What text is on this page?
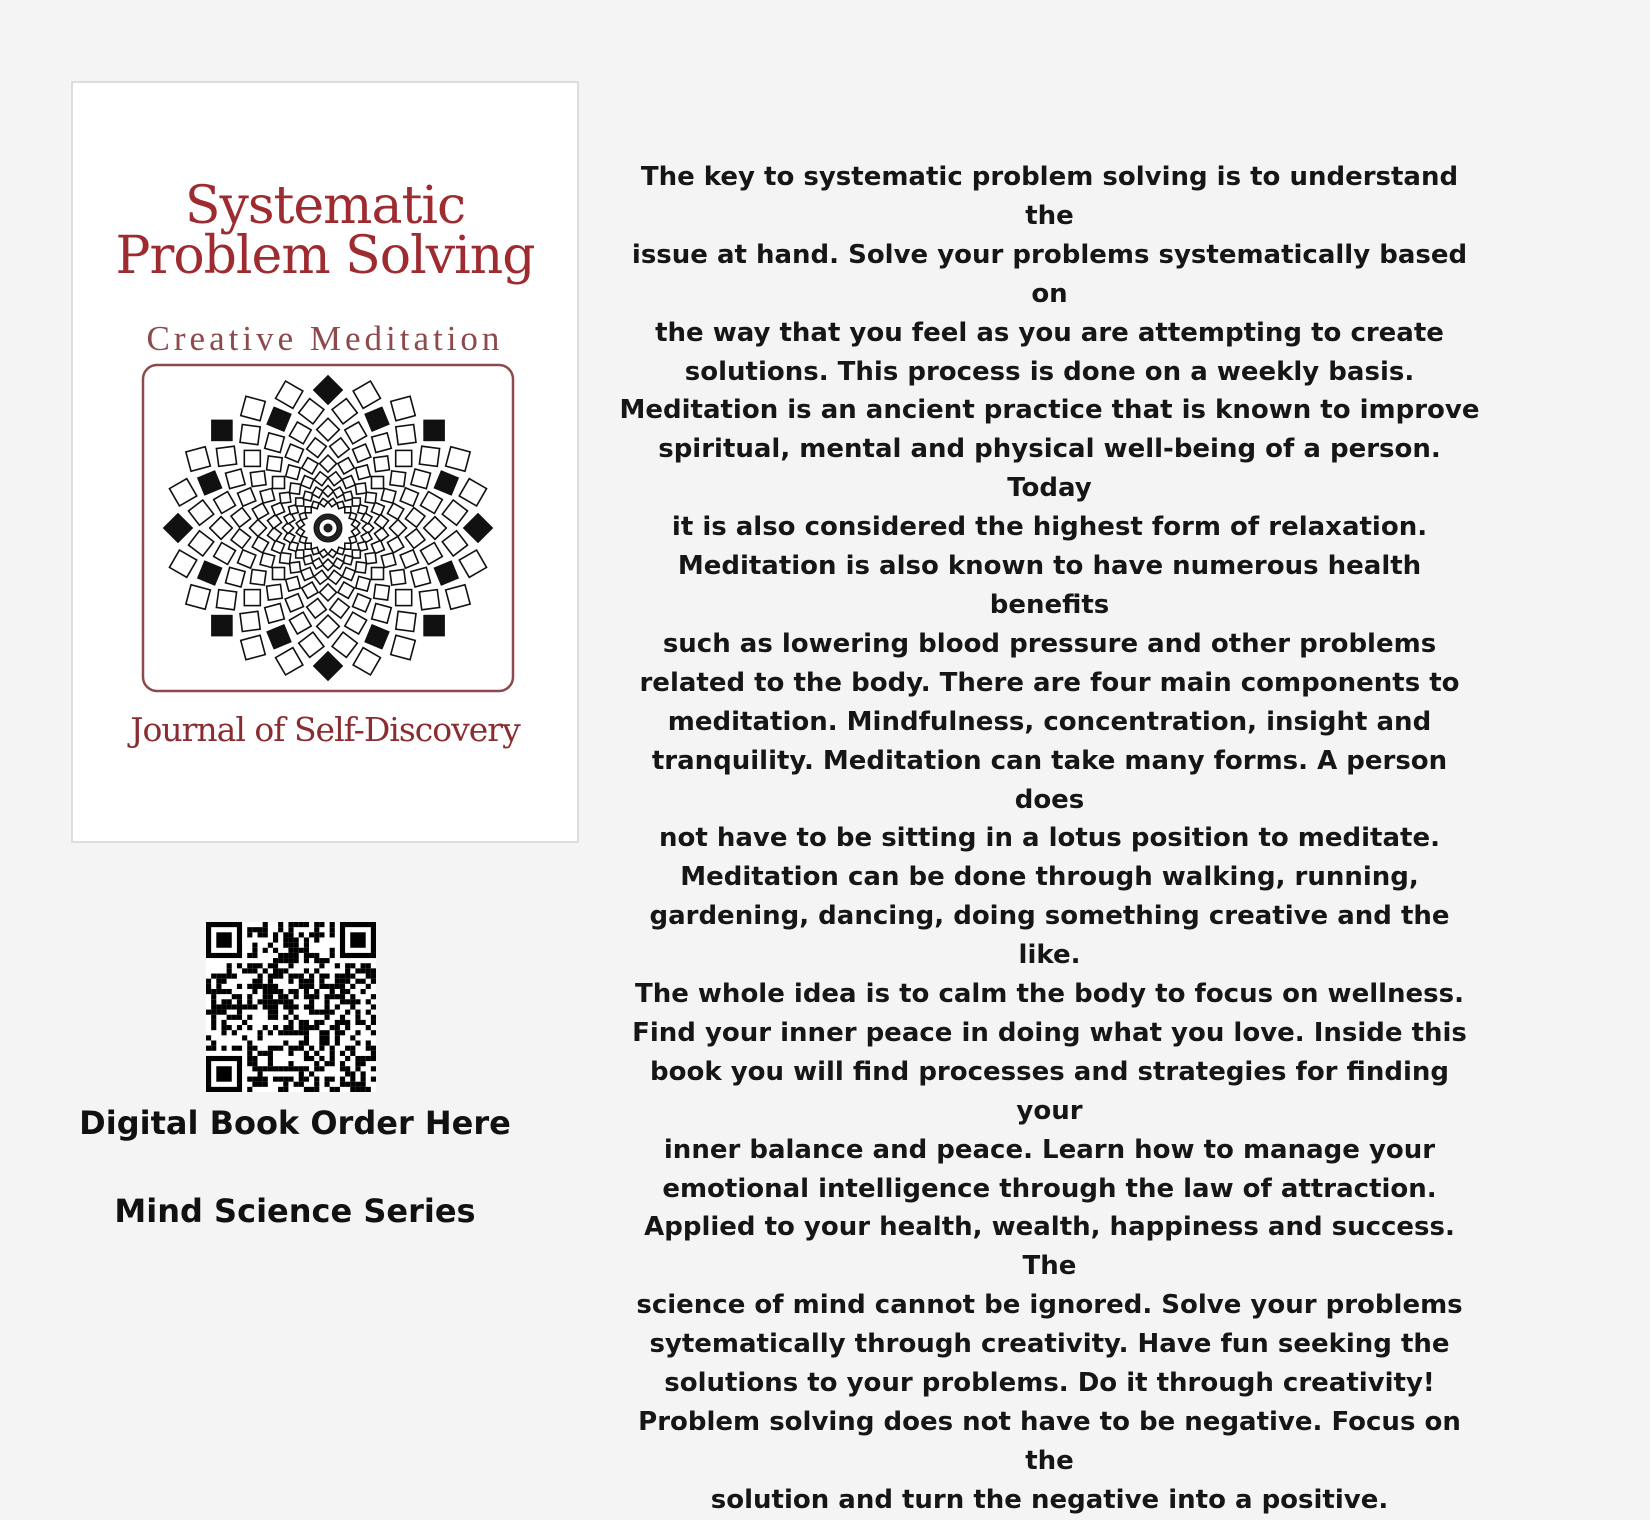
Systematic
Problem Solving
Creative Meditation
Journal of Self-Discovery
Digital Book Order Here
Mind Science Series
The key to systematic problem solving is to understand the
issue at hand. Solve your problems systematically based on
the way that you feel as you are attempting to create
solutions. This process is done on a weekly basis.
Meditation is an ancient practice that is known to improve
spiritual, mental and physical well-being of a person. Today
it is also considered the highest form of relaxation.
Meditation is also known to have numerous health benefits
such as lowering blood pressure and other problems
related to the body. There are four main components to
meditation. Mindfulness, concentration, insight and
tranquility. Meditation can take many forms. A person does
not have to be sitting in a lotus position to meditate.
Meditation can be done through walking, running,
gardening, dancing, doing something creative and the like.
The whole idea is to calm the body to focus on wellness.
Find your inner peace in doing what you love. Inside this
book you will find processes and strategies for finding your
inner balance and peace. Learn how to manage your
emotional intelligence through the law of attraction.
Applied to your health, wealth, happiness and success. The
science of mind cannot be ignored. Solve your problems
sytematically through creativity. Have fun seeking the
solutions to your problems. Do it through creativity!
Problem solving does not have to be negative. Focus on the
solution and turn the negative into a positive.
